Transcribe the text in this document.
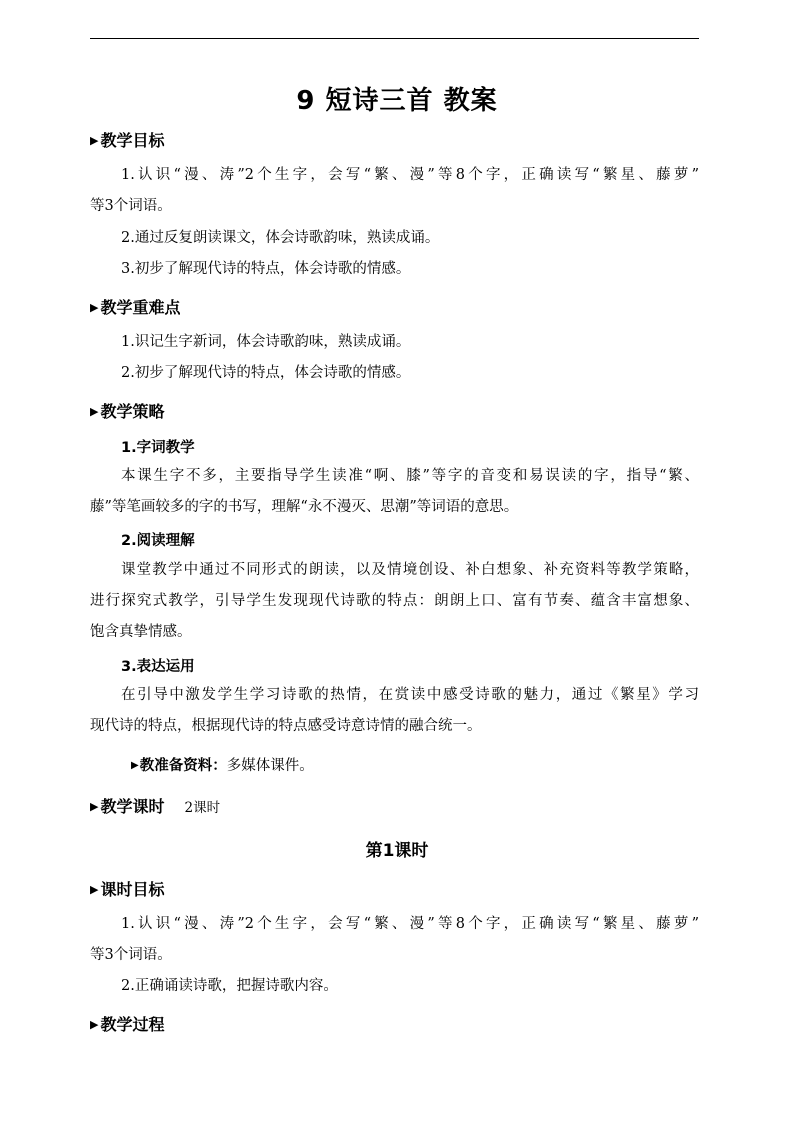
9 短诗三首 教案
▶ 教学目标
1.认识“漫、涛”2个生字，会写“繁、漫”等8个字，正确读写“繁星、藤萝”
等3个词语。
2.通过反复朗读课文，体会诗歌韵味，熟读成诵。
3.初步了解现代诗的特点，体会诗歌的情感。
▶ 教学重难点
1.识记生字新词，体会诗歌韵味，熟读成诵。
2.初步了解现代诗的特点，体会诗歌的情感。
▶ 教学策略
1.字词教学
本课生字不多，主要指导学生读准“啊、膝”等字的音变和易误读的字，指导“繁、
藤”等笔画较多的字的书写，理解“永不漫灭、思潮”等词语的意思。
2.阅读理解
课堂教学中通过不同形式的朗读，以及情境创设、补白想象、补充资料等教学策略，
进行探究式教学，引导学生发现现代诗歌的特点：朗朗上口、富有节奏、蕴含丰富想象、
饱含真挚情感。
3.表达运用
在引导中激发学生学习诗歌的热情，在赏读中感受诗歌的魅力，通过《繁星》学习
现代诗的特点，根据现代诗的特点感受诗意诗情的融合统一。
▶教准备资料：多媒体课件。
▶ 教学课时 2课时
第1课时
▶ 课时目标
1.认识“漫、涛”2个生字，会写“繁、漫”等8个字，正确读写“繁星、藤萝”
等3个词语。
2.正确诵读诗歌，把握诗歌内容。
▶ 教学过程
